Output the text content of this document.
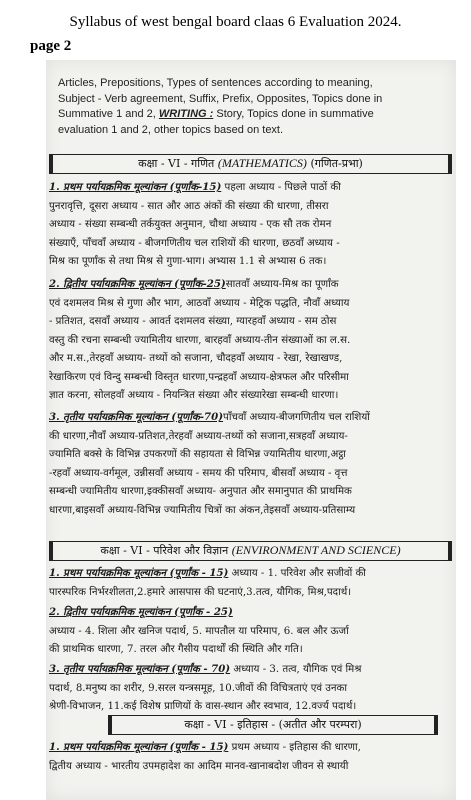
Syllabus of west bengal board claas 6 Evaluation 2024.
page 2
Articles, Prepositions, Types of sentences according to meaning,
Subject - Verb agreement, Suffix, Prefix, Opposites, Topics done in
Summative 1 and 2, WRITING : Story, Topics done in summative
evaluation 1 and 2, other topics based on text.
कक्षा - VI - गणित (MATHEMATICS) (गणित-प्रभा)
1. प्रथम पर्यायक्रमिक मूल्यांकन (पूर्णांक-15) पहला अध्याय - पिछले पाठों की
पुनरावृत्ति, दूसरा अध्याय - सात और आठ अंकों की संख्या की धारणा, तीसरा
अध्याय - संख्या सम्बन्धी तर्कयुक्त अनुमान, चौथा अध्याय - एक सौ तक रोमन
संख्याएँ, पाँचवाँ अध्याय - बीजगणितीय चल राशियों की धारणा, छठवाँ अध्याय -
मिश्र का पूर्णांक से तथा मिश्र से गुणा-भाग। अभ्यास 1.1 से अभ्यास 6 तक।
2. द्वितीय पर्यायक्रमिक मूल्यांकन (पूर्णांक-25)सातवाँ अध्याय-मिश्र का पूर्णांक
एवं दशमलव मिश्र से गुणा और भाग, आठवाँ अध्याय - मेट्रिक पद्धति, नौवाँ अध्याय
- प्रतिशत, दसवाँ अध्याय - आवर्त दशमलव संख्या, ग्यारहवाँ अध्याय - सम ठोस
वस्तु की रचना सम्बन्धी ज्यामितीय धारणा, बारहवाँ अध्याय-तीन संख्याओं का ल.स.
और म.स.,तेरहवाँ अध्याय- तथ्यों को सजाना, चौदहवाँ अध्याय - रेखा, रेखाखण्ड,
रेखाकिरण एवं विन्दु सम्बन्धी विस्तृत धारणा,पन्द्रहवाँ अध्याय-क्षेत्रफल और परिसीमा
ज्ञात करना, सोलहवाँ अध्याय - नियन्त्रित संख्या और संख्यारेखा सम्बन्धी धारणा।
3. तृतीय पर्यायक्रमिक मूल्यांकन (पूर्णांक-70)पाँचवाँ अध्याय-बीजगणितीय चल राशियों
की धारणा,नौवाँ अध्याय-प्रतिशत,तेरहवाँ अध्याय-तथ्यों को सजाना,सत्रहवाँ अध्याय-
ज्यामिति बक्से के विभिन्न उपकरणों की सहायता से विभिन्न ज्यामितीय धारणा,अट्ठा
-रहवाँ अध्याय-वर्गमूल, उन्नीसवाँ अध्याय - समय की परिमाप, बीसवाँ अध्याय - वृत्त
सम्बन्धी ज्यामितीय धारणा,इक्कीसवाँ अध्याय- अनुपात और समानुपात की प्राथमिक
धारणा,बाइसवाँ अध्याय-विभिन्न ज्यामितीय चित्रों का अंकन,तेइसवाँ अध्याय-प्रतिसाम्य
कक्षा - VI - परिवेश और विज्ञान (ENVIRONMENT AND SCIENCE)
1. प्रथम पर्यायक्रमिक मूल्यांकन (पूर्णांक - 15) अध्याय - 1. परिवेश और सजीवों की
पारस्परिक निर्भरशीलता,2.हमारे आसपास की घटनाएं,3.तत्व, यौगिक, मिश्र,पदार्थ।
2. द्वितीय पर्यायक्रमिक मूल्यांकन (पूर्णांक - 25)
अध्याय - 4. शिला और खनिज पदार्थ, 5. मापतौल या परिमाप, 6. बल और ऊर्जा
की प्राथमिक धारणा, 7. तरल और गैसीय पदार्थों की स्थिति और गति।
3. तृतीय पर्यायक्रमिक मूल्यांकन (पूर्णांक - 70) अध्याय - 3. तत्व, यौगिक एवं मिश्र
पदार्थ, 8.मनुष्य का शरीर, 9.सरल यन्त्रसमूह, 10.जीवों की विचित्रताएं एवं उनका
श्रेणी-विभाजन, 11.कई विशेष प्राणियों के वास-स्थान और स्वभाव, 12.वर्ज्य पदार्थ।
कक्षा - VI - इतिहास - (अतीत और परम्परा)
1. प्रथम पर्यायक्रमिक मूल्यांकन (पूर्णांक - 15) प्रथम अध्याय - इतिहास की धारणा,
द्वितीय अध्याय - भारतीय उपमहादेश का आदिम मानव-खानाबदोश जीवन से स्थायी
